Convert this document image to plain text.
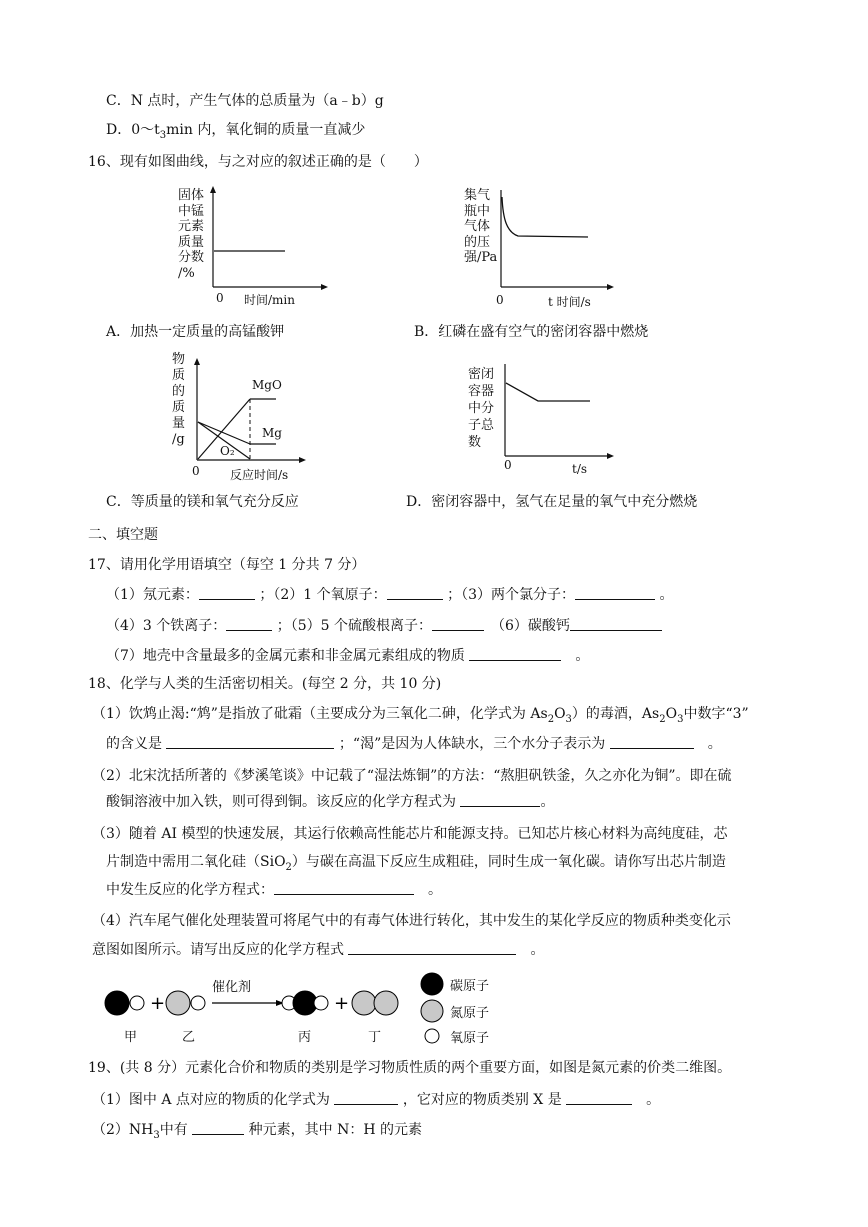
C．N 点时，产生气体的总质量为（a﹣b）g
D．$0\sim t_3\min$ 内，氧化铜的质量一直减少
16、现有如图曲线，与之对应的叙述正确的是（　　）
固体
中锰
元素
质量
分数
/%
0 时间/min
集气
瓶中
气体
的压
强/Pa
0	t 时间/s
A．加热一定质量的高锰酸钾	B．红磷在盛有空气的密闭容器中燃烧
物
质
的
质
量
/g
MgO
Mg
O₂
0	反应时间/s
密闭
容器
中分
子总
数
0	t/s
C．等质量的镁和氧气充分反应	D．密闭容器中，氢气在足量的氧气中充分燃烧
二、填空题
17、请用化学用语填空（每空 1 分共 7 分）
（1）氖元素：	；（2）1 个氧原子：	；（3）两个氯分子：	。
（4）3 个铁离子：	；（5）5 个硫酸根离子：　	（6）碳酸钙
（7）地壳中含量最多的金属元素和非金属元素组成的物质 　	。
18、化学与人类的生活密切相关。(每空 2 分，共 10 分)
（1）饮鸩止渴:“鸩”是指放了砒霜（主要成分为三氧化二砷，化学式为 $As_2O_3$）的毒酒，$As_2O_3$中数字“3”
的含义是	；“渴”是因为人体缺水，三个水分子表示为 　	。
（2）北宋沈括所著的《梦溪笔谈》中记载了“湿法炼铜”的方法：“熬胆矾铁釜，久之亦化为铜”。即在硫
酸铜溶液中加入铁，则可得到铜。该反应的化学方程式为	。
（3）随着 AI 模型的快速发展，其运行依赖高性能芯片和能源支持。已知芯片核心材料为高纯度硅，芯
片制造中需用二氧化硅（SiO$_2$）与碳在高温下反应生成粗硅，同时生成一氧化碳。请你写出芯片制造
中发生反应的化学方程式：　	。
（4）汽车尾气催化处理装置可将尾气中的有毒气体进行转化，其中发生的某化学反应的物质种类变化示
意图如图所示。请写出反应的化学方程式 　	。
+	+
催化剂
甲	乙	丙	丁
碳原子
氮原子
氧原子
19、(共 8 分）元素化合价和物质的类别是学习物质性质的两个重要方面，如图是氮元素的价类二维图。
（1）图中 A 点对应的物质的化学式为	，它对应的物质类别 X 是 　	。
$(2)NH_3$中有	种元素，其中 N：H 的元素
